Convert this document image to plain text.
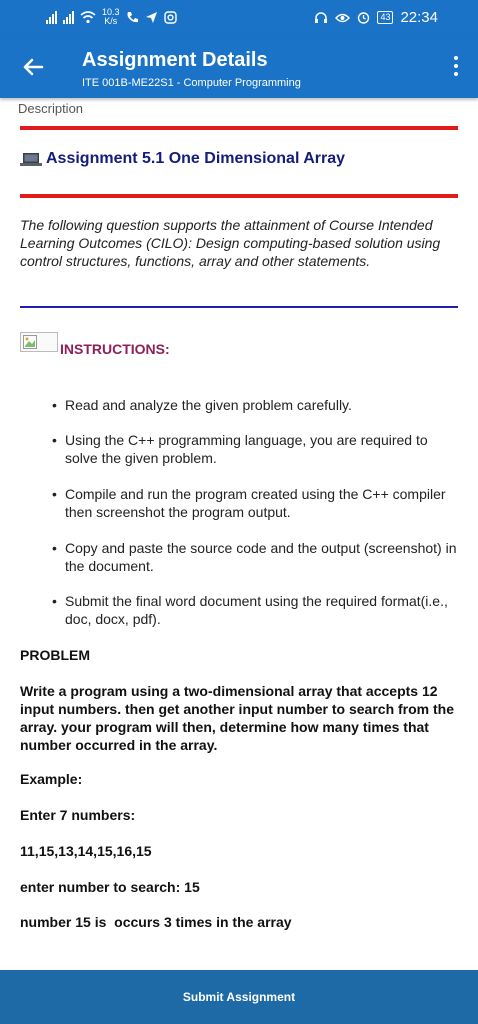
10.3
K/s	43 22:34
Assignment Details
ITE 001B-ME22S1 - Computer Programming
Description
Assignment 5.1 One Dimensional Array
The following question supports the attainment of Course Intended Learning Outcomes (CILO): Design computing-based solution using control structures, functions, array and other statements.
INSTRUCTIONS:
• Read and analyze the given problem carefully.
• Using the C++ programming language, you are required to solve the given problem.
• Compile and run the program created using the C++ compiler then screenshot the program output.
• Copy and paste the source code and the output (screenshot) in the document.
• Submit the final word document using the required format(i.e., doc, docx, pdf).
PROBLEM
Write a program using a two-dimensional array that accepts 12 input numbers. then get another input number to search from the array. your program will then, determine how many times that number occurred in the array.
Example:
Enter 7 numbers:
11,15,13,14,15,16,15
enter number to search: 15
number 15 is  occurs 3 times in the array
Submit Assignment
